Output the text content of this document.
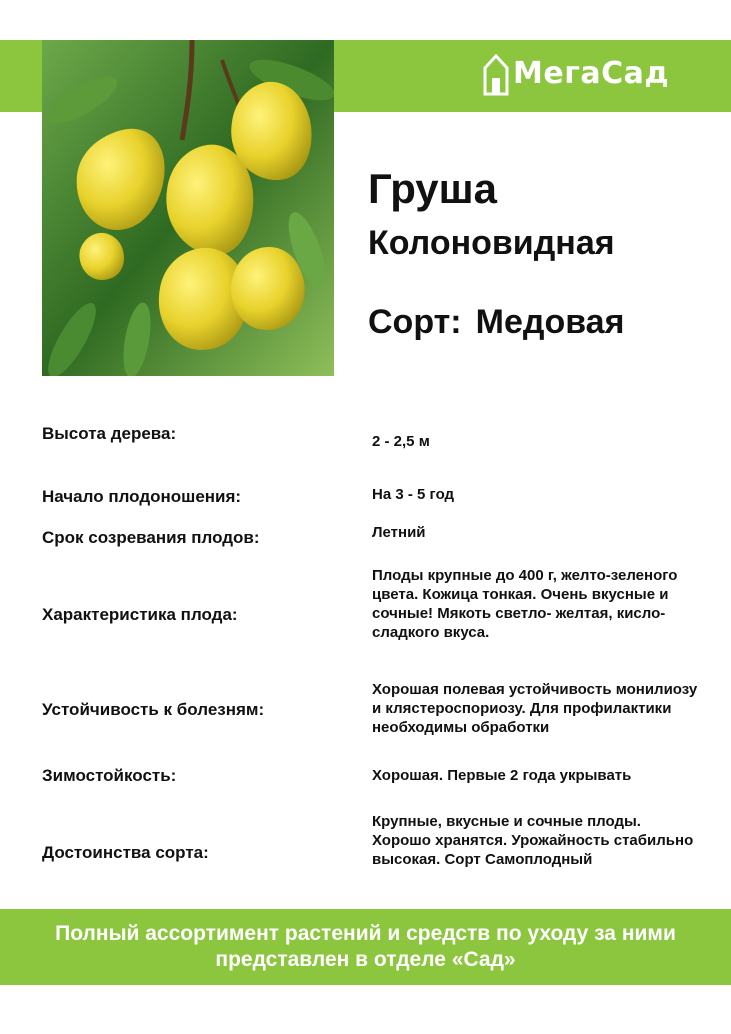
МегаСад
Груша
Колоновидная
Сорт: Медовая
Высота дерева:	2 - 2,5 м
Начало плодоношения:	На 3 - 5 год
Срок созревания плодов:	Летний
Характеристика плода:
Плоды крупные до 400 г, желто-зеленого цвета. Кожица тонкая. Очень вкусные и сочные! Мякоть светло- желтая, кисло-сладкого вкуса.
Устойчивость к болезням:
Хорошая полевая устойчивость монилиозу и клястероспориозу. Для профилактики необходимы обработки
Зимостойкость:	Хорошая. Первые 2 года укрывать
Достоинства сорта:
Крупные, вкусные и сочные плоды. Хорошо хранятся. Урожайность стабильно высокая. Сорт Самоплодный
Полный ассортимент растений и средств по уходу за ними
представлен в отделе «Сад»
